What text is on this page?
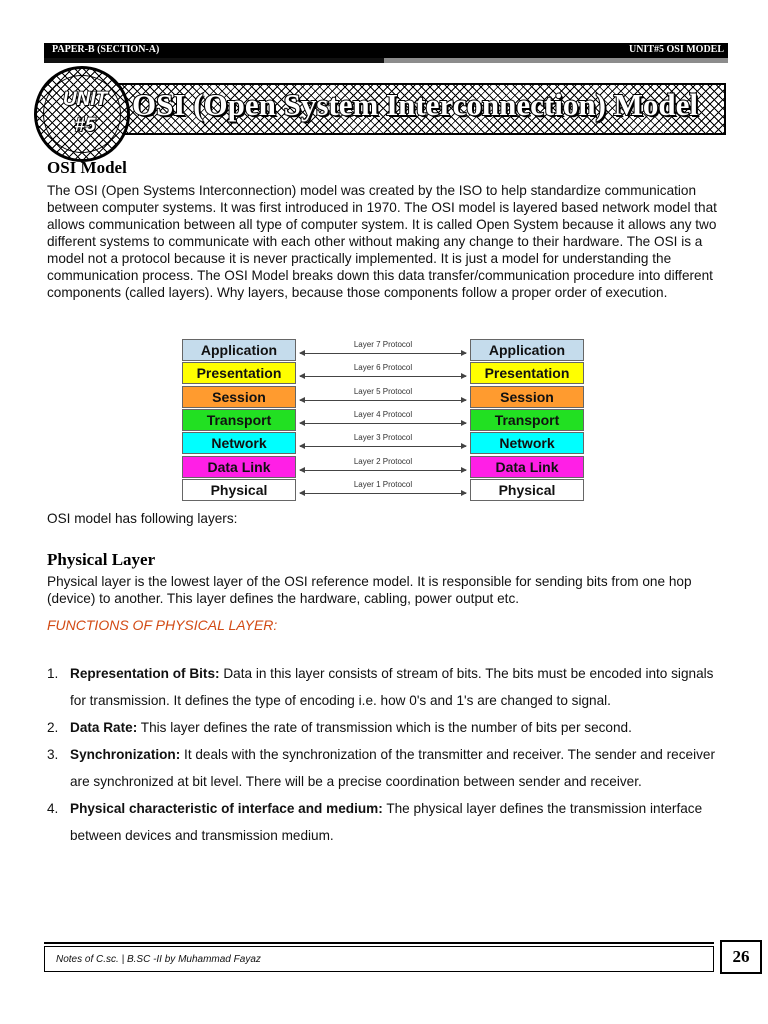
PAPER-B (SECTION-A)	UNIT#5 OSI MODEL
OSI (Open System Interconnection) Model
UNIT
#5
OSI Model
The OSI (Open Systems Interconnection) model was created by the ISO to help standardize communication between computer systems. It was first introduced in 1970. The OSI model is layered based network model that allows communication between all type of computer system. It is called Open System because it allows any two different systems to communicate with each other without making any change to their hardware. The OSI is a model not a protocol because it is never practically implemented. It is just a model for understanding the communication process. The OSI Model breaks down this data transfer/communication procedure into different components (called layers). Why layers, because those components follow a proper order of execution.
Application	Application
Layer 7 Protocol
Presentation	Presentation
Layer 6 Protocol
Session	Session
Layer 5 Protocol
Transport	Transport
Layer 4 Protocol
Network	Network
Layer 3 Protocol
Data Link	Data Link
Layer 2 Protocol
Physical	Physical
Layer 1 Protocol
OSI model has following layers:
Physical Layer
Physical layer is the lowest layer of the OSI reference model. It is responsible for sending bits from one hop (device) to another. This layer defines the hardware, cabling, power output etc.
FUNCTIONS OF PHYSICAL LAYER:
1. Representation of Bits: Data in this layer consists of stream of bits. The bits must be encoded into signals for transmission. It defines the type of encoding i.e. how 0's and 1's are changed to signal.
2. Data Rate: This layer defines the rate of transmission which is the number of bits per second.
3. Synchronization: It deals with the synchronization of the transmitter and receiver. The sender and receiver are synchronized at bit level. There will be a precise coordination between sender and receiver.
4. Physical characteristic of interface and medium: The physical layer defines the transmission interface between devices and transmission medium.
Notes of C.sc. | B.SC -II by Muhammad Fayaz	26
